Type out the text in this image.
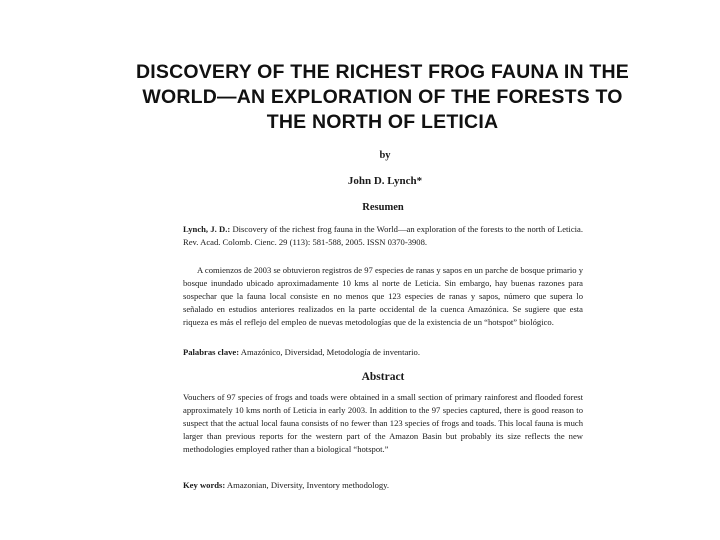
DISCOVERY OF THE RICHEST FROG FAUNA IN THE
WORLD—AN EXPLORATION OF THE FORESTS TO
THE NORTH OF LETICIA
by
John D. Lynch*
Resumen

Lynch, J. D.: Discovery of the richest frog fauna in the World—an exploration of the forests to the north of Leticia. Rev. Acad. Colomb. Cienc. 29 (113): 581-588, 2005. ISSN 0370-3908.

A comienzos de 2003 se obtuvieron registros de 97 especies de ranas y sapos en un parche de bosque primario y bosque inundado ubicado aproximadamente 10 kms al norte de Leticia. Sin embargo, hay buenas razones para sospechar que la fauna local consiste en no menos que 123 especies de ranas y sapos, número que supera lo señalado en estudios anteriores realizados en la parte occidental de la cuenca Amazónica. Se sugiere que esta riqueza es más el reflejo del empleo de nuevas metodologías que de la existencia de un “hotspot” biológico.

Palabras clave: Amazónico, Diversidad, Metodología de inventario.

Abstract

Vouchers of 97 species of frogs and toads were obtained in a small section of primary rainforest and flooded forest approximately 10 kms north of Leticia in early 2003. In addition to the 97 species captured, there is good reason to suspect that the actual local fauna consists of no fewer than 123 species of frogs and toads. This local fauna is much larger than previous reports for the western part of the Amazon Basin but probably its size reflects the new methodologies employed rather than a biological “hotspot.”

Key words: Amazonian, Diversity, Inventory methodology.
